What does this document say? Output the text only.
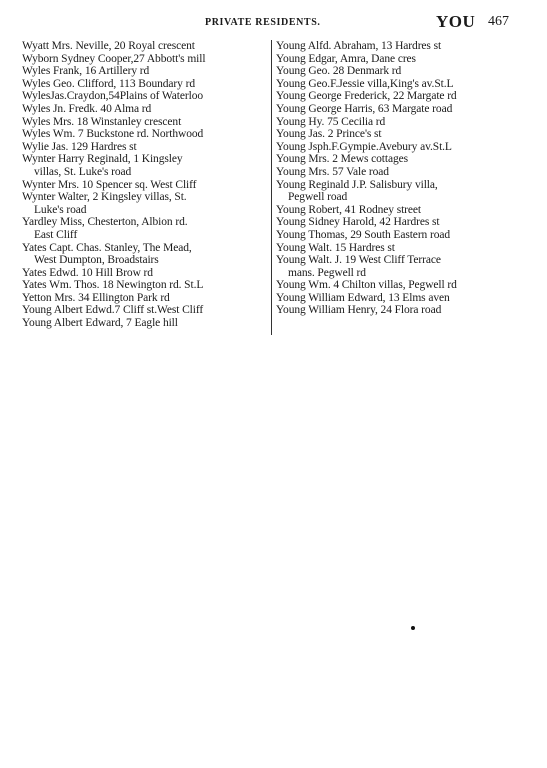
PRIVATE RESIDENTS.	YOU 467
Wyatt Mrs. Neville, 20 Royal crescent
Wyborn Sydney Cooper,27 Abbott's mill
Wyles Frank, 16 Artillery rd
Wyles Geo. Clifford, 113 Boundary rd
WylesJas.Craydon,54Plains of Waterloo
Wyles Jn. Fredk. 40 Alma rd
Wyles Mrs. 18 Winstanley crescent
Wyles Wm. 7 Buckstone rd. Northwood
Wylie Jas. 129 Hardres st
Wynter Harry Reginald, 1 Kingsley
villas, St. Luke's road
Wynter Mrs. 10 Spencer sq. West Cliff
Wynter Walter, 2 Kingsley villas, St.
Luke's road
Yardley Miss, Chesterton, Albion rd.
East Cliff
Yates Capt. Chas. Stanley, The Mead,
West Dumpton, Broadstairs
Yates Edwd. 10 Hill Brow rd
Yates Wm. Thos. 18 Newington rd. St.L
Yetton Mrs. 34 Ellington Park rd
Young Albert Edwd.7 Cliff st.West Cliff
Young Albert Edward, 7 Eagle hill
Young Alfd. Abraham, 13 Hardres st
Young Edgar, Amra, Dane cres
Young Geo. 28 Denmark rd
Young Geo.F.Jessie villa,King's av.St.L
Young George Frederick, 22 Margate rd
Young George Harris, 63 Margate road
Young Hy. 75 Cecilia rd
Young Jas. 2 Prince's st
Young Jsph.F.Gympie.Avebury av.St.L
Young Mrs. 2 Mews cottages
Young Mrs. 57 Vale road
Young Reginald J.P. Salisbury villa,
Pegwell road
Young Robert, 41 Rodney street
Young Sidney Harold, 42 Hardres st
Young Thomas, 29 South Eastern road
Young Walt. 15 Hardres st
Young Walt. J. 19 West Cliff Terrace
mans. Pegwell rd
Young Wm. 4 Chilton villas, Pegwell rd
Young William Edward, 13 Elms aven
Young William Henry, 24 Flora road
